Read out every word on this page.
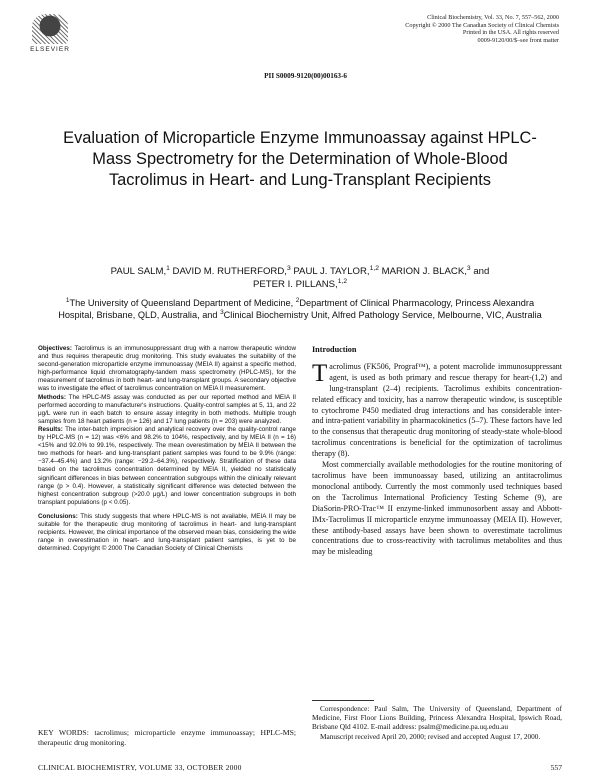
ELSEVIER
Clinical Biochemistry, Vol. 33, No. 7, 557–562, 2000
Copyright © 2000 The Canadian Society of Clinical Chemists
Printed in the USA. All rights reserved
0009-9120/00/$–see front matter
PII S0009-9120(00)00163-6
Evaluation of Microparticle Enzyme Immunoassay against HPLC-Mass Spectrometry for the Determination of Whole-Blood Tacrolimus in Heart- and Lung-Transplant Recipients
PAUL SALM,$^1$ DAVID M. RUTHERFORD,$^3$ PAUL J. TAYLOR,$^{1,2}$ MARION J. BLACK,$^3$ and
PETER I. PILLANS,$^{1,2}$
$^1$The University of Queensland Department of Medicine, $^2$Department of Clinical Pharmacology, Princess Alexandra Hospital, Brisbane, QLD, Australia, and $^3$Clinical Biochemistry Unit, Alfred Pathology Service, Melbourne, VIC, Australia

Objectives: Tacrolimus is an immunosuppressant drug with a narrow therapeutic window and thus requires therapeutic drug monitoring. This study evaluates the suitability of the second-generation microparticle enzyme immunoassay (MEIA II) against a specific method, high-performance liquid chromatography-tandem mass spectrometry (HPLC-MS), for the measurement of tacrolimus in both heart- and lung-transplant groups. A secondary objective was to investigate the effect of tacrolimus concentration on MEIA II measurement.

Methods: The HPLC-MS assay was conducted as per our reported method and MEIA II performed according to manufacturer's instructions. Quality-control samples at 5, 11, and 22 μg/L were run in each batch to ensure assay integrity in both methods. Multiple trough samples from 18 heart patients (n = 126) and 17 lung patients (n = 203) were analyzed.

Results: The inter-batch imprecision and analytical recovery over the quality-control range by HPLC-MS (n = 12) was <6% and 98.2% to 104%, respectively, and by MEIA II (n = 16) <15% and 92.0% to 99.1%, respectively. The mean overestimation by MEIA II between the two methods for heart- and lung-transplant patient samples was found to be 9.9% (range: −37.4–45.4%) and 13.2% (range: −29.2–64.3%), respectively. Stratification of these data based on the tacrolimus concentration determined by MEIA II, yielded no statistically significant differences in bias between concentration subgroups within the clinically relevant range (p > 0.4). However, a statistically significant difference was detected between the highest concentration subgroup (>20.0 μg/L) and lower concentration subgroups in both transplant populations (p < 0.05).

Conclusions: This study suggests that where HPLC-MS is not available, MEIA II may be suitable for the therapeutic drug monitoring of tacrolimus in heart- and lung-transplant recipients. However, the clinical importance of the observed mean bias, considering the wide range in overestimation in heart- and lung-transplant patient samples, is yet to be determined. Copyright © 2000 The Canadian Society of Clinical Chemists

KEY WORDS: tacrolimus; microparticle enzyme immunoassay; HPLC-MS; therapeutic drug monitoring.
Introduction

Tacrolimus (FK506, Prograf™), a potent macrolide immunosuppressant agent, is used as both primary and rescue therapy for heart-(1,2) and lung-transplant (2–4) recipients. Tacrolimus exhibits concentration-related efficacy and toxicity, has a narrow therapeutic window, is susceptible to cytochrome P450 mediated drug interactions and has considerable inter- and intra-patient variability in pharmacokinetics (5–7). These factors have led to the consensus that therapeutic drug monitoring of steady-state whole-blood tacrolimus concentrations is beneficial for the optimization of tacrolimus therapy (8).

Most commercially available methodologies for the routine monitoring of tacrolimus have been immunoassay based, utilizing an antitacrolimus monoclonal antibody. Currently the most commonly used techniques based on the Tacrolimus International Proficiency Testing Scheme (9), are DiaSorin-PRO-Trac™ II enzyme-linked immunosorbent assay and Abbott-IMx-Tacrolimus II microparticle enzyme immunoassay (MEIA II). However, these antibody-based assays have been shown to overestimate tacrolimus concentrations due to cross-reactivity with tacrolimus metabolites and thus may be misleading

Correspondence: Paul Salm, The University of Queensland, Department of Medicine, First Floor Lions Building, Princess Alexandra Hospital, Ipswich Road, Brisbane Qld 4102. E-mail address: psalm@medicine.pa.uq.edu.au

Manuscript received April 20, 2000; revised and accepted August 17, 2000.

CLINICAL BIOCHEMISTRY, VOLUME 33, OCTOBER 2000	557
